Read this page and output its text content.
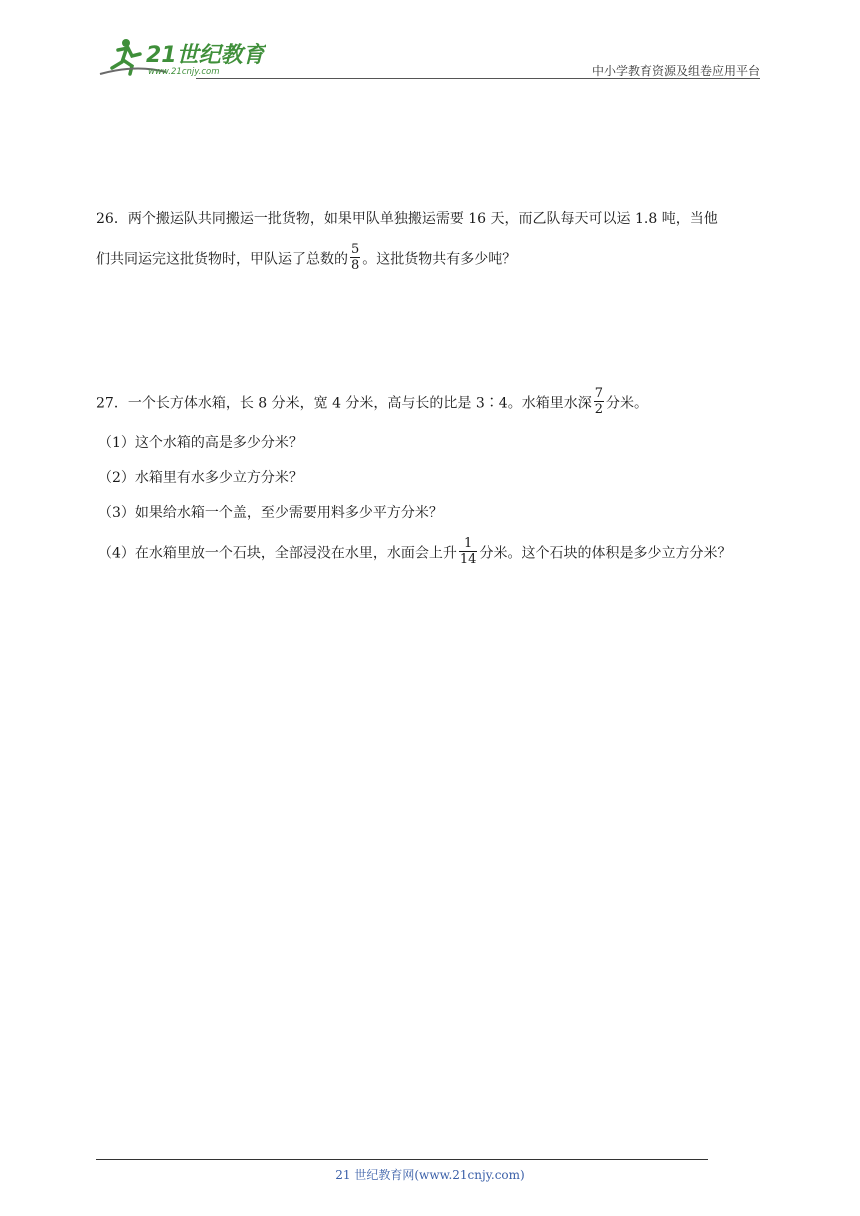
21世纪教育
www.21cnjy.com	中小学教育资源及组卷应用平台
26．两个搬运队共同搬运一批货物，如果甲队单独搬运需要 16 天，而乙队每天可以运 1.8 吨，当他
们共同运完这批货物时，甲队运了总数的 $\frac{5}{8}$ 。这批货物共有多少吨？
27．一个长方体水箱，长 8 分米，宽 4 分米，高与长的比是 3∶4。水箱里水深 $\frac{7}{2}$ 分米。
（1）这个水箱的高是多少分米？
（2）水箱里有水多少立方分米？
（3）如果给水箱一个盖，至少需要用料多少平方分米？
（4）在水箱里放一个石块，全部浸没在水里，水面会上升 $\frac{1}{14}$ 分米。这个石块的体积是多少立方分米？
21 世纪教育网(www.21cnjy.com)
